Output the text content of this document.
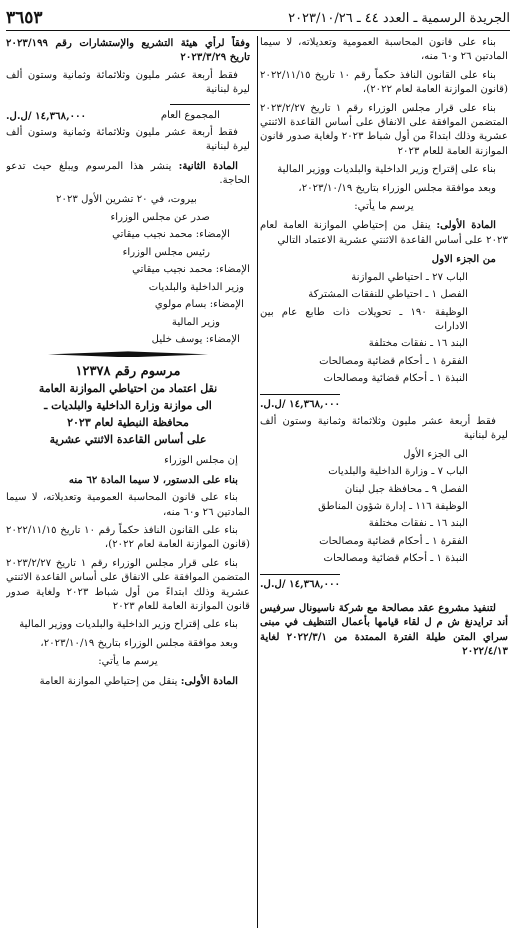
الجريدة الرسمية ـ العدد ٤٤ ـ ٢٠٢٣/١٠/٢٦
٣٦٥٣

بناء على قانون المحاسبة العمومية وتعديلاته، لا سيما المادتين ٢٦ و٦٠ منه،

بناء على القانون النافذ حكماً رقم ١٠ تاريخ ٢٠٢٢/١١/١٥ (قانون الموازنة العامة لعام ٢٠٢٢)،

بناء على قرار مجلس الوزراء رقم ١ تاريخ ٢٠٢٣/٢/٢٧ المتضمن الموافقة على الانفاق على أساس القاعدة الاثنتي عشرية وذلك ابتداءً من أول شباط ٢٠٢٣ ولغاية صدور قانون الموازنة العامة للعام ٢٠٢٣

بناء على إقتراح وزير الداخلية والبلديات ووزير المالية

وبعد موافقة مجلس الوزراء بتاريخ ٢٠٢٣/١٠/١٩،

يرسم ما يأتي:

المادة الأولى: ينقل من إحتياطي الموازنة العامة لعام ٢٠٢٣ على أساس القاعدة الاثنتي عشرية الاعتماد التالي

من الجزء الاول

الباب ٢٧ ـ احتياطي الموازنة

الفصل ١ ـ احتياطي للنفقات المشتركة

الوظيفة ١٩٠ ـ تحويلات ذات طابع عام بين الادارات

البند ١٦ ـ نفقات مختلفة

الفقرة ١ ـ أحكام قضائية ومصالحات

النبذة ١ ـ أحكام قضائية ومصالحات

١٤,٣٦٨,٠٠٠ /ل.ل.

فقط أربعة عشر مليون وثلاثمائة وثمانية وستون ألف ليرة لبنانية

الى الجزء الأول

الباب ٧ ـ وزارة الداخلية والبلديات

الفصل ٩ ـ محافظة جبل لبنان

الوظيفة ١١٦ ـ إدارة شؤون المناطق

البند ١٦ ـ نفقات مختلفة

الفقرة ١ ـ أحكام قضائية ومصالحات

النبذة ١ ـ أحكام قضائية ومصالحات

١٤,٣٦٨,٠٠٠ /ل.ل.

لتنفيذ مشروع عقد مصالحة مع شركة ناسيونال سرفيس أند ترايدنغ ش م ل لقاء قيامها بأعمال التنظيف في مبنى سراي المتن طيلة الفترة الممتدة من ٢٠٢٢/٣/١ لغاية ٢٠٢٢/٤/١٣

وفقاً لرأي هيئة التشريع والإستشارات رقم ٢٠٢٣/١٩٩ تاريخ ٢٠٢٣/٣/٢٩

فقط أربعة عشر مليون وثلاثمائة وثمانية وستون ألف ليرة لبنانية

المجموع العام
١٤,٣٦٨,٠٠٠ /ل.ل.

فقط أربعة عشر مليون وثلاثمائة وثمانية وستون ألف ليرة لبنانية

المادة الثانية: ينشر هذا المرسوم ويبلغ حيث تدعو الحاجة.

بيروت، في ٢٠ تشرين الأول ٢٠٢٣

صدر عن مجلس الوزراء

الإمضاء: محمد نجيب ميقاتي

رئيس مجلس الوزراء

الإمضاء: محمد نجيب ميقاتي

وزير الداخلية والبلديات

الإمضاء: بسام مولوي

وزير المالية

الإمضاء: يوسف خليل

مرسوم رقم ١٢٣٧٨

نقل اعتماد من احتياطي الموازنة العامة

الى موازنة وزارة الداخلية والبلديات ـ

محافظة النبطية لعام ٢٠٢٣

على أساس القاعدة الاثنتي عشرية

إن مجلس الوزراء

بناء على الدستور، لا سيما المادة ٦٢ منه

بناء على قانون المحاسبة العمومية وتعديلاته، لا سيما المادتين ٢٦ و٦٠ منه،

بناء على القانون النافذ حكماً رقم ١٠ تاريخ ٢٠٢٢/١١/١٥ (قانون الموازنة العامة لعام ٢٠٢٢)،

بناء على قرار مجلس الوزراء رقم ١ تاريخ ٢٠٢٣/٢/٢٧ المتضمن الموافقة على الانفاق على أساس القاعدة الاثنتي عشرية وذلك ابتداءً من أول شباط ٢٠٢٣ ولغاية صدور قانون الموازنة العامة للعام ٢٠٢٣

بناء على إقتراح وزير الداخلية والبلديات ووزير المالية

وبعد موافقة مجلس الوزراء بتاريخ ٢٠٢٣/١٠/١٩،

يرسم ما يأتي:

المادة الأولى: ينقل من إحتياطي الموازنة العامة
